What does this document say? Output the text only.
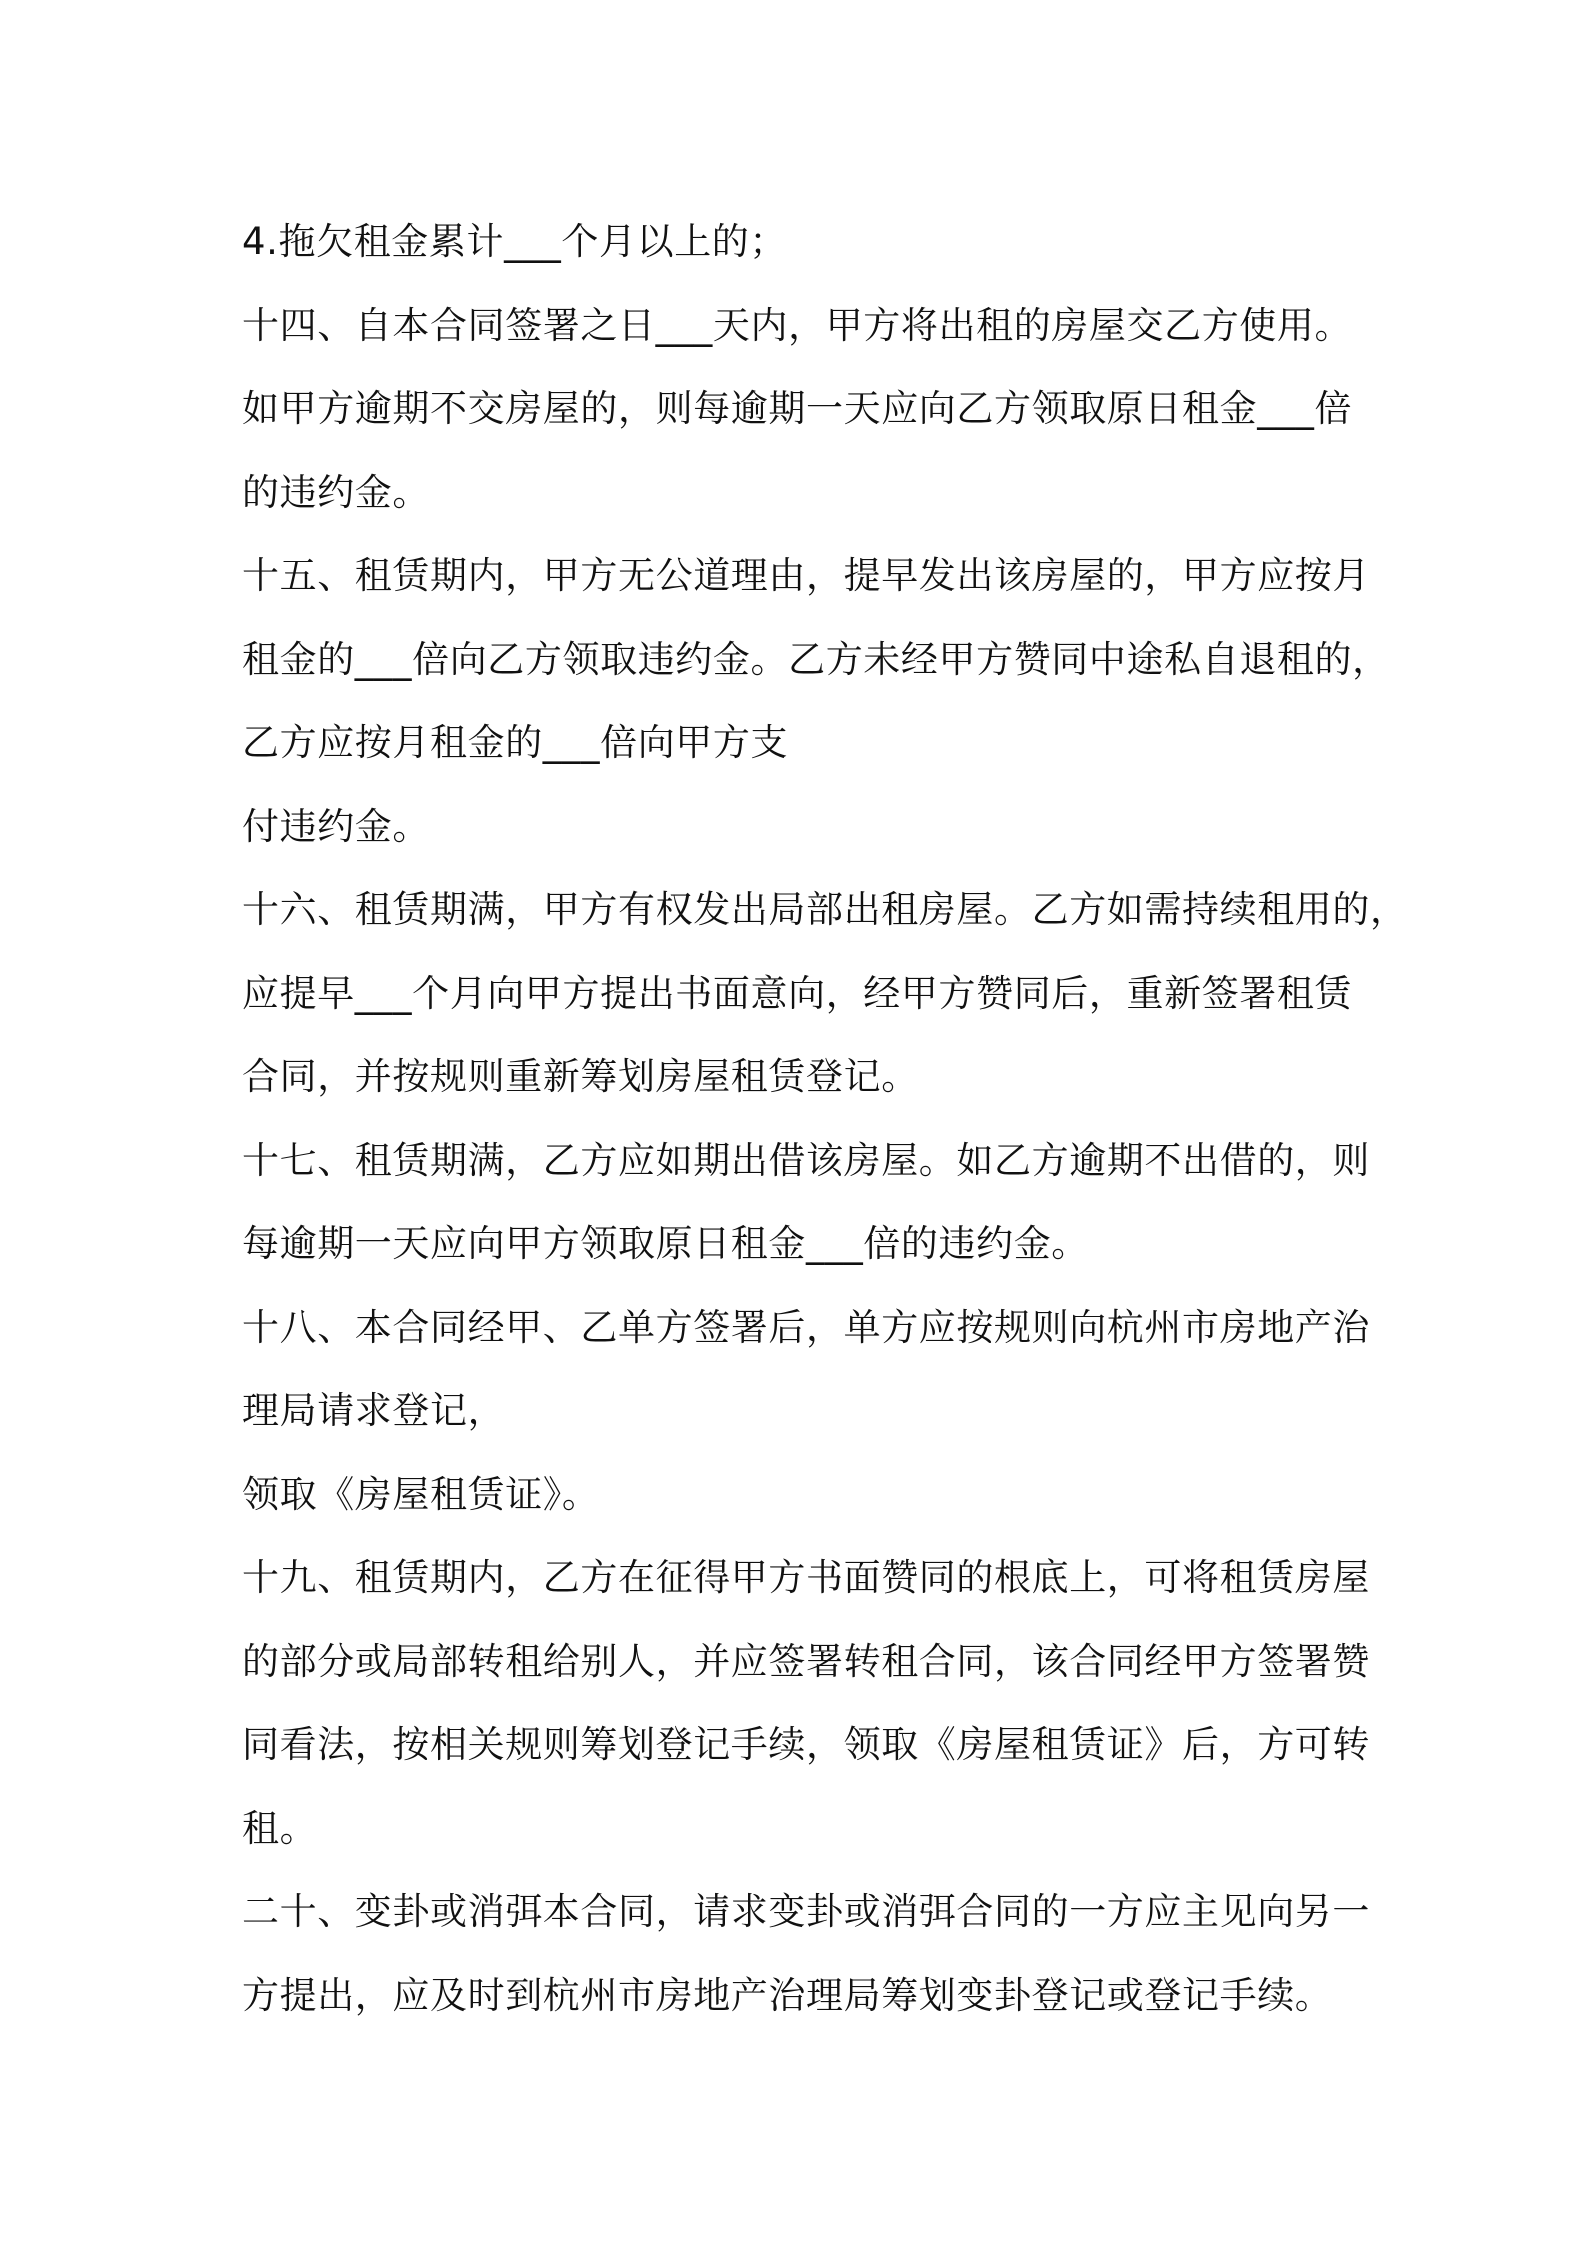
4.拖欠租金累计___个月以上的；
十四、自本合同签署之日___天内，甲方将出租的房屋交乙方使用。
如甲方逾期不交房屋的，则每逾期一天应向乙方领取原日租金___倍
的违约金。
十五、租赁期内，甲方无公道理由，提早发出该房屋的，甲方应按月
租金的___倍向乙方领取违约金。乙方未经甲方赞同中途私自退租的，
乙方应按月租金的___倍向甲方支
付违约金。
十六、租赁期满，甲方有权发出局部出租房屋。乙方如需持续租用的，
应提早___个月向甲方提出书面意向，经甲方赞同后，重新签署租赁
合同，并按规则重新筹划房屋租赁登记。
十七、租赁期满，乙方应如期出借该房屋。如乙方逾期不出借的，则
每逾期一天应向甲方领取原日租金___倍的违约金。
十八、本合同经甲、乙单方签署后，单方应按规则向杭州市房地产治
理局请求登记，
领取《房屋租赁证》。
十九、租赁期内，乙方在征得甲方书面赞同的根底上，可将租赁房屋
的部分或局部转租给别人，并应签署转租合同，该合同经甲方签署赞
同看法，按相关规则筹划登记手续，领取《房屋租赁证》后，方可转
租。
二十、变卦或消弭本合同，请求变卦或消弭合同的一方应主见向另一
方提出，应及时到杭州市房地产治理局筹划变卦登记或登记手续。
